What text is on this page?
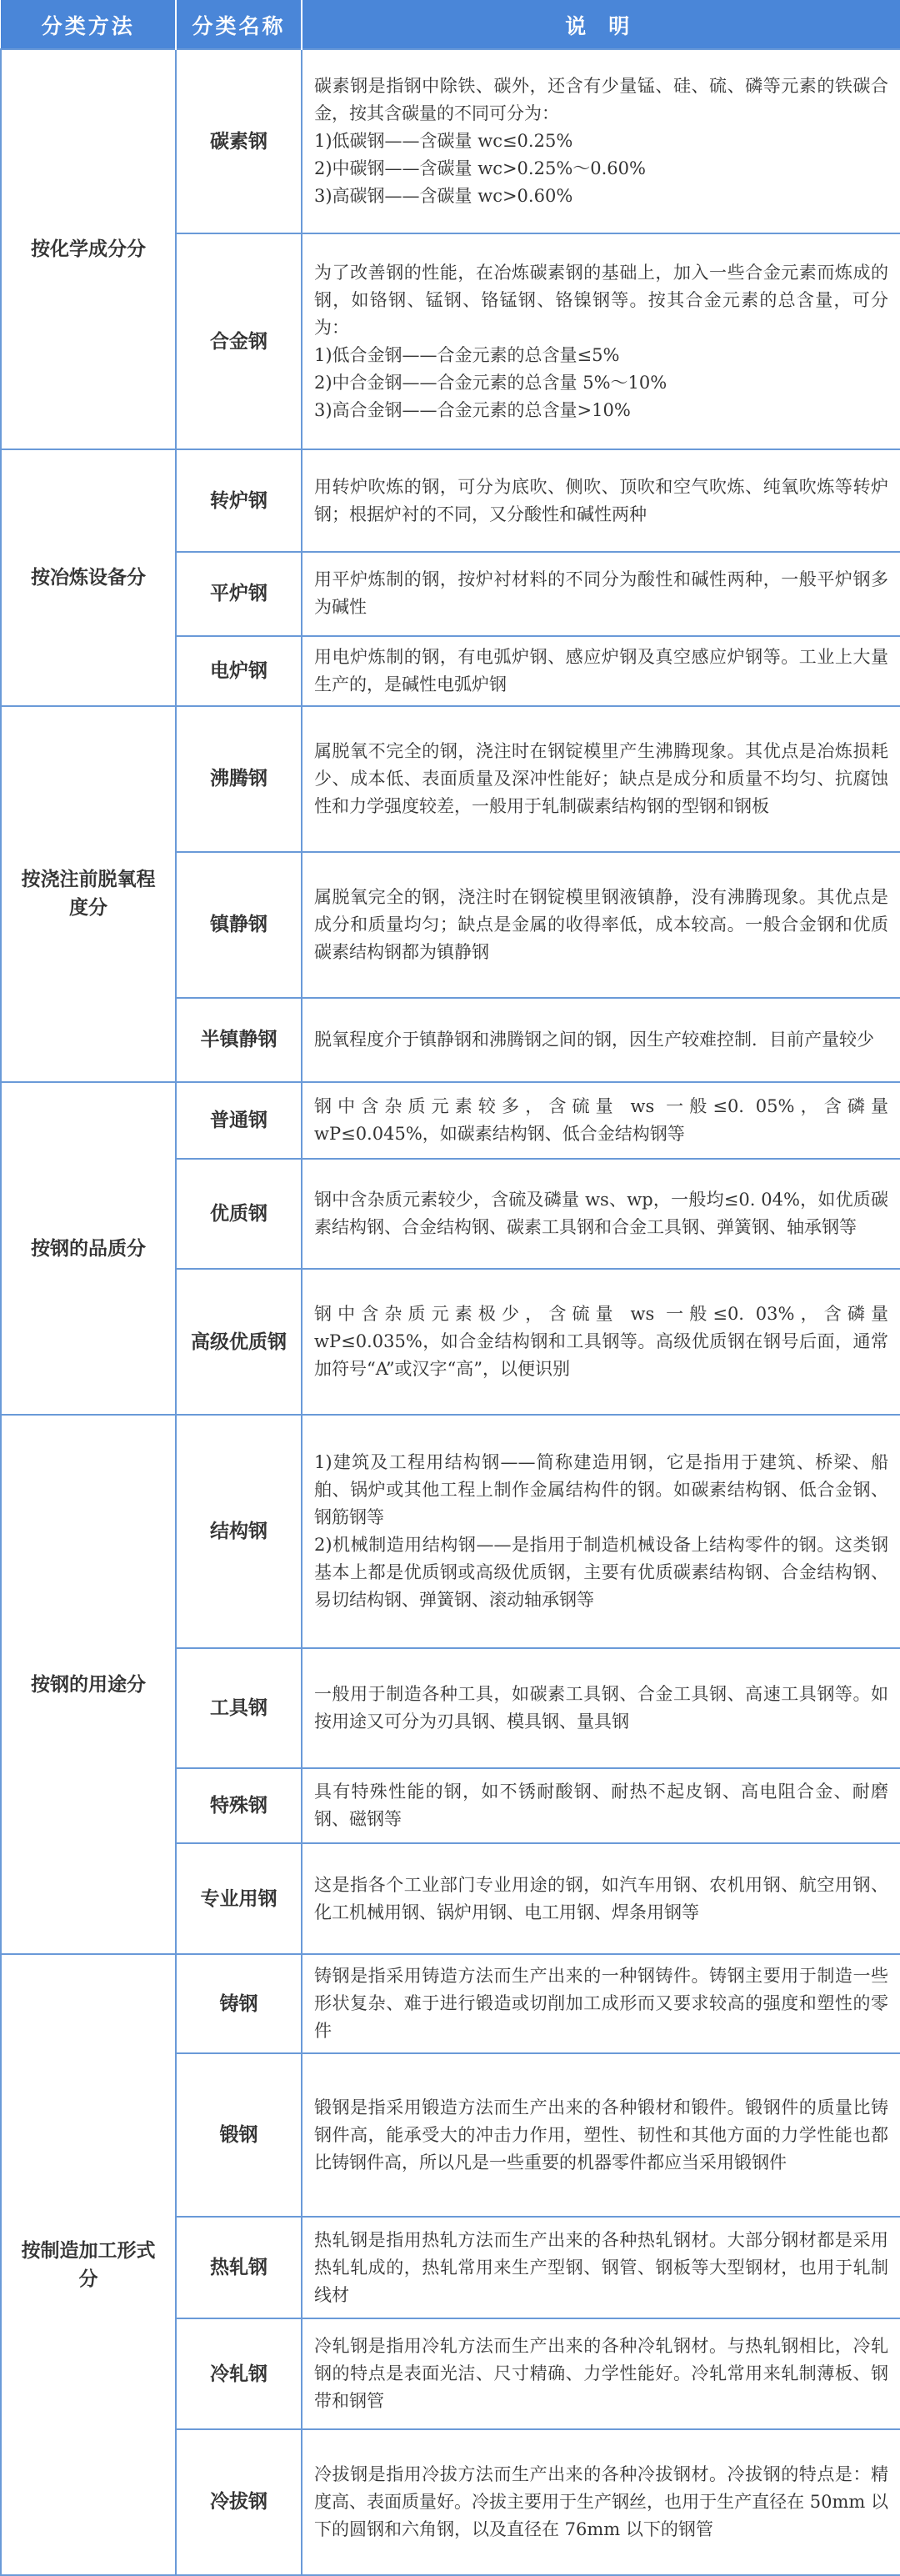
分类方法	分类名称	说 明
按化学成分分	碳素钢	碳素钢是指钢中除铁、碳外，还含有少量锰、硅、硫、磷等元素的铁碳合金，按其含碳量的不同可分为：
1)低碳钢——含碳量 wc≤0.25%
2)中碳钢——含碳量 wc>0.25%～0.60%
3)高碳钢——含碳量 wc>0.60%

	合金钢	为了改善钢的性能，在冶炼碳素钢的基础上，加入一些合金元素而炼成的钢，如铬钢、锰钢、铬锰钢、铬镍钢等。按其合金元素的总含量，可分为：
1)低合金钢——合金元素的总含量≤5%
2)中合金钢——合金元素的总含量 5%～10%
3)高合金钢——合金元素的总含量>10%

按冶炼设备分	转炉钢	用转炉吹炼的钢，可分为底吹、侧吹、顶吹和空气吹炼、纯氧吹炼等转炉钢；根据炉衬的不同，又分酸性和碱性两种

	平炉钢	用平炉炼制的钢，按炉衬材料的不同分为酸性和碱性两种，一般平炉钢多为碱性

	电炉钢	用电炉炼制的钢，有电弧炉钢、感应炉钢及真空感应炉钢等。工业上大量生产的，是碱性电弧炉钢

按浇注前脱氧程度分	沸腾钢	属脱氧不完全的钢，浇注时在钢锭模里产生沸腾现象。其优点是冶炼损耗少、成本低、表面质量及深冲性能好；缺点是成分和质量不均匀、抗腐蚀性和力学强度较差，一般用于轧制碳素结构钢的型钢和钢板

	镇静钢	属脱氧完全的钢，浇注时在钢锭模里钢液镇静，没有沸腾现象。其优点是成分和质量均匀；缺点是金属的收得率低，成本较高。一般合金钢和优质碳素结构钢都为镇静钢

	半镇静钢	脱氧程度介于镇静钢和沸腾钢之间的钢，因生产较难控制．目前产量较少

按钢的品质分	普通钢	钢中含杂质元素较多，含硫量 ws 一般≤0. 05%，含磷量 wP≤0.045%，如碳素结构钢、低合金结构钢等

	优质钢	钢中含杂质元素较少，含硫及磷量 ws、wp，一般均≤0. 04%，如优质碳素结构钢、合金结构钢、碳素工具钢和合金工具钢、弹簧钢、轴承钢等

	高级优质钢	钢中含杂质元素极少，含硫量 ws 一般≤0. 03%，含磷量 wP≤0.035%，如合金结构钢和工具钢等。高级优质钢在钢号后面，通常加符号“A”或汉字“高”，以便识别

按钢的用途分	结构钢	1)建筑及工程用结构钢——简称建造用钢，它是指用于建筑、桥梁、船舶、锅炉或其他工程上制作金属结构件的钢。如碳素结构钢、低合金钢、钢筋钢等
2)机械制造用结构钢——是指用于制造机械设备上结构零件的钢。这类钢基本上都是优质钢或高级优质钢，主要有优质碳素结构钢、合金结构钢、易切结构钢、弹簧钢、滚动轴承钢等

	工具钢	一般用于制造各种工具，如碳素工具钢、合金工具钢、高速工具钢等。如按用途又可分为刃具钢、模具钢、量具钢

	特殊钢	具有特殊性能的钢，如不锈耐酸钢、耐热不起皮钢、高电阻合金、耐磨钢、磁钢等

	专业用钢	这是指各个工业部门专业用途的钢，如汽车用钢、农机用钢、航空用钢、化工机械用钢、锅炉用钢、电工用钢、焊条用钢等

按制造加工形式分	铸钢	铸钢是指采用铸造方法而生产出来的一种钢铸件。铸钢主要用于制造一些形状复杂、难于进行锻造或切削加工成形而又要求较高的强度和塑性的零件

	锻钢	锻钢是指采用锻造方法而生产出来的各种锻材和锻件。锻钢件的质量比铸钢件高，能承受大的冲击力作用，塑性、韧性和其他方面的力学性能也都比铸钢件高，所以凡是一些重要的机器零件都应当采用锻钢件

	热轧钢	热轧钢是指用热轧方法而生产出来的各种热轧钢材。大部分钢材都是采用热轧轧成的，热轧常用来生产型钢、钢管、钢板等大型钢材，也用于轧制线材

	冷轧钢	冷轧钢是指用冷轧方法而生产出来的各种冷轧钢材。与热轧钢相比，冷轧钢的特点是表面光洁、尺寸精确、力学性能好。冷轧常用来轧制薄板、钢带和钢管

	冷拔钢	冷拔钢是指用冷拔方法而生产出来的各种冷拔钢材。冷拔钢的特点是：精度高、表面质量好。冷拔主要用于生产钢丝，也用于生产直径在 50mm 以下的圆钢和六角钢，以及直径在 76mm 以下的钢管
